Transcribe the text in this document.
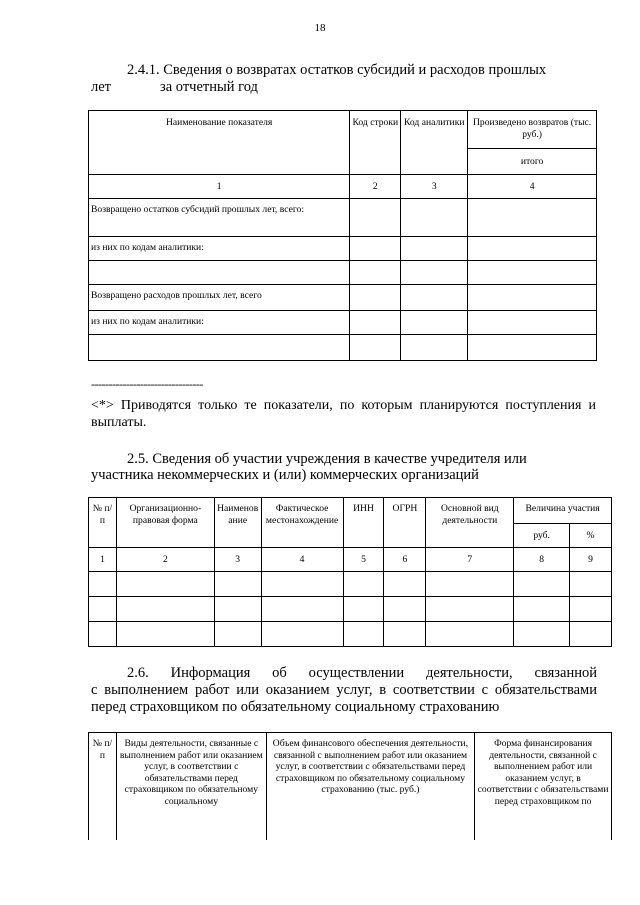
18
2.4.1. Сведения о возвратах остатков субсидий и расходов прошлых
лет	за отчетный год
Наименование показателя	Код строки	Код аналитики	Произведено возвратов (тыс. руб.)
			итого
1	2	3	4
Возвращено остатков субсидий прошлых лет, всего:			
из них по кодам аналитики:			

Возвращено расходов прошлых лет, всего			
из них по кодам аналитики:			

--------------------------------
<*> Приводятся только те показатели, по которым планируются поступления и выплаты.
2.5. Сведения об участии учреждения в качестве учредителя или
участника некоммерческих и (или) коммерческих организаций
№ п/п	Организационно-правовая форма	Наименование	Фактическое местонахождение	ИНН	ОГРН	Основной вид деятельности	Величина участия	
							руб.	%
1	2	3	4	5	6	7	8	9

2.6. Информация об осуществлении деятельности, связанной
с выполнением работ или оказанием услуг, в соответствии с обязательствами
перед страховщиком по обязательному социальному страхованию
№ п/п	Виды деятельности, связанные с выполнением работ или оказанием услуг, в соответствии с обязательствами перед страховщиком по обязательному социальному	Объем финансового обеспечения деятельности, связанной с выполнением работ или оказанием услуг, в соответствии с обязательствами перед страховщиком по обязательному социальному страхованию (тыс. руб.)	Форма финансирования деятельности, связанной с выполнением работ или оказанием услуг, в соответствии с обязательствами перед страховщиком по
